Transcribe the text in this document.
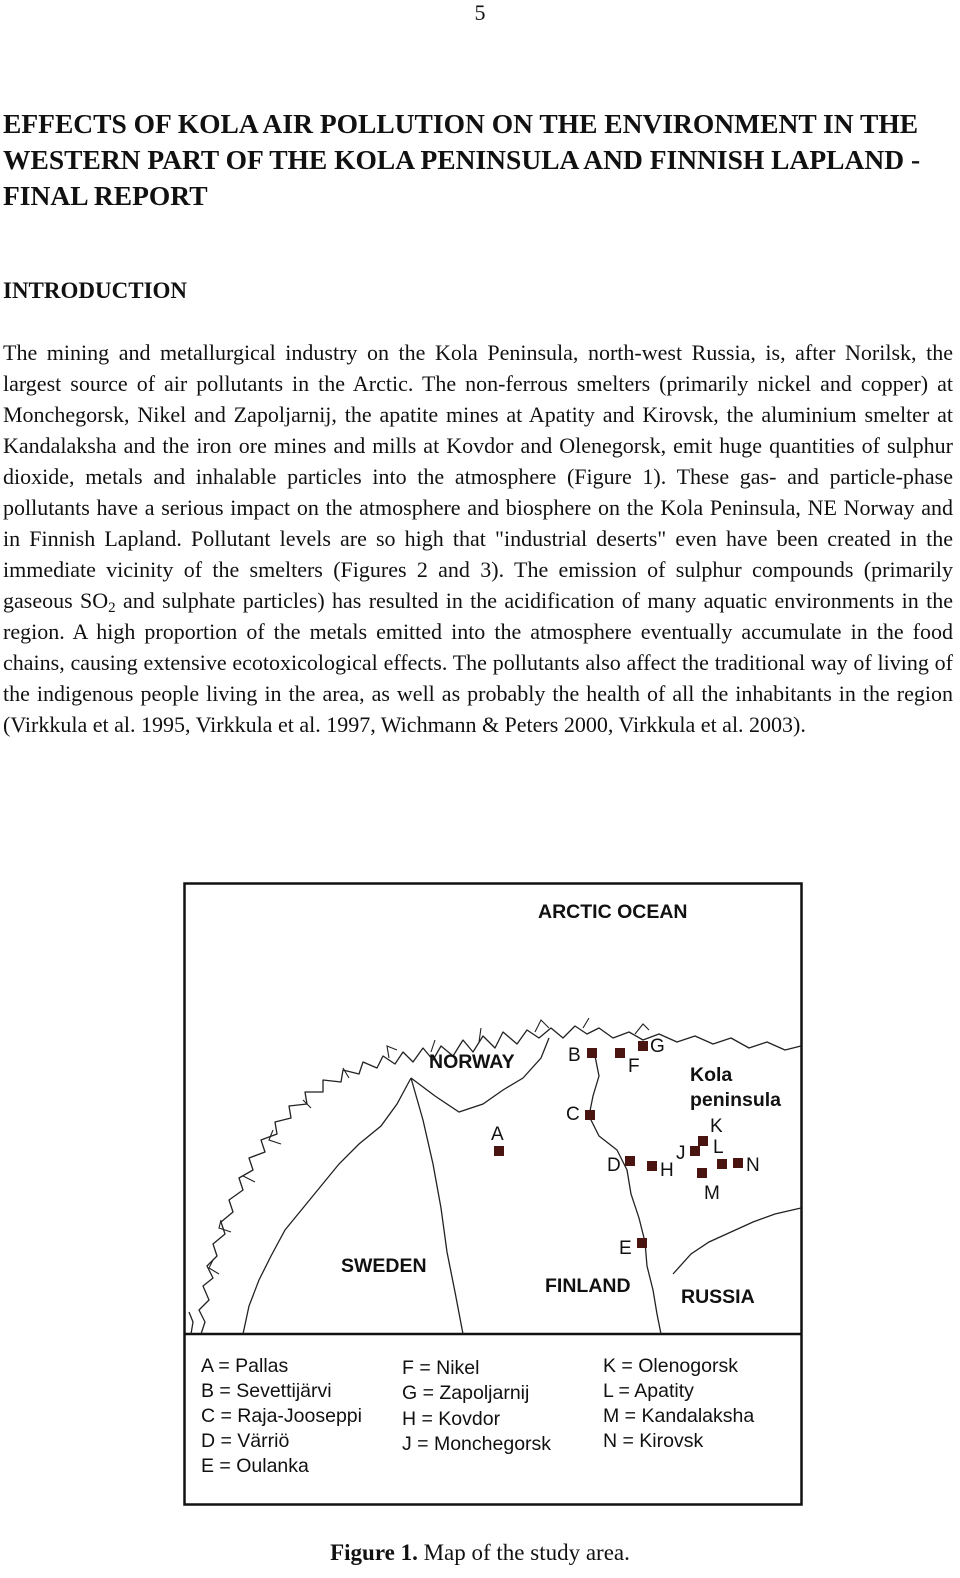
5
EFFECTS OF KOLA AIR POLLUTION ON THE ENVIRONMENT IN THE WESTERN PART OF THE KOLA PENINSULA AND FINNISH LAPLAND - FINAL REPORT
INTRODUCTION

The mining and metallurgical industry on the Kola Peninsula, north-west Russia, is, after Norilsk, the largest source of air pollutants in the Arctic. The non-ferrous smelters (primarily nickel and copper) at Monchegorsk, Nikel and Zapoljarnij, the apatite mines at Apatity and Kirovsk, the aluminium smelter at Kandalaksha and the iron ore mines and mills at Kovdor and Olenegorsk, emit huge quantities of sulphur dioxide, metals and inhalable particles into the atmosphere (Figure 1). These gas- and particle-phase pollutants have a serious impact on the atmosphere and biosphere on the Kola Peninsula, NE Norway and in Finnish Lapland. Pollutant levels are so high that "industrial deserts" even have been created in the immediate vicinity of the smelters (Figures 2 and 3). The emission of sulphur compounds (primarily gaseous $SO_2$ and sulphate particles) has resulted in the acidification of many aquatic environments in the region. A high proportion of the metals emitted into the atmosphere eventually accumulate in the food chains, causing extensive ecotoxicological effects. The pollutants also affect the traditional way of living of the indigenous people living in the area, as well as probably the health of all the inhabitants in the region (Virkkula et al. 1995, Virkkula et al. 1997, Wichmann & Peters 2000, Virkkula et al. 2003).

ARCTIC OCEAN
NORWAY
SWEDEN
FINLAND	RUSSIA
Kola
peninsula
A
B
C
D
E
F
G
H
J
K
L
M
N
A = Pallas
B = Sevettijärvi
C = Raja-Jooseppi
D = Värriö
E = Oulanka
F = Nikel
G = Zapoljarnij
H = Kovdor
J = Monchegorsk
K = Olenogorsk
L = Apatity
M = Kandalaksha
N = Kirovsk

Figure 1. Map of the study area.
